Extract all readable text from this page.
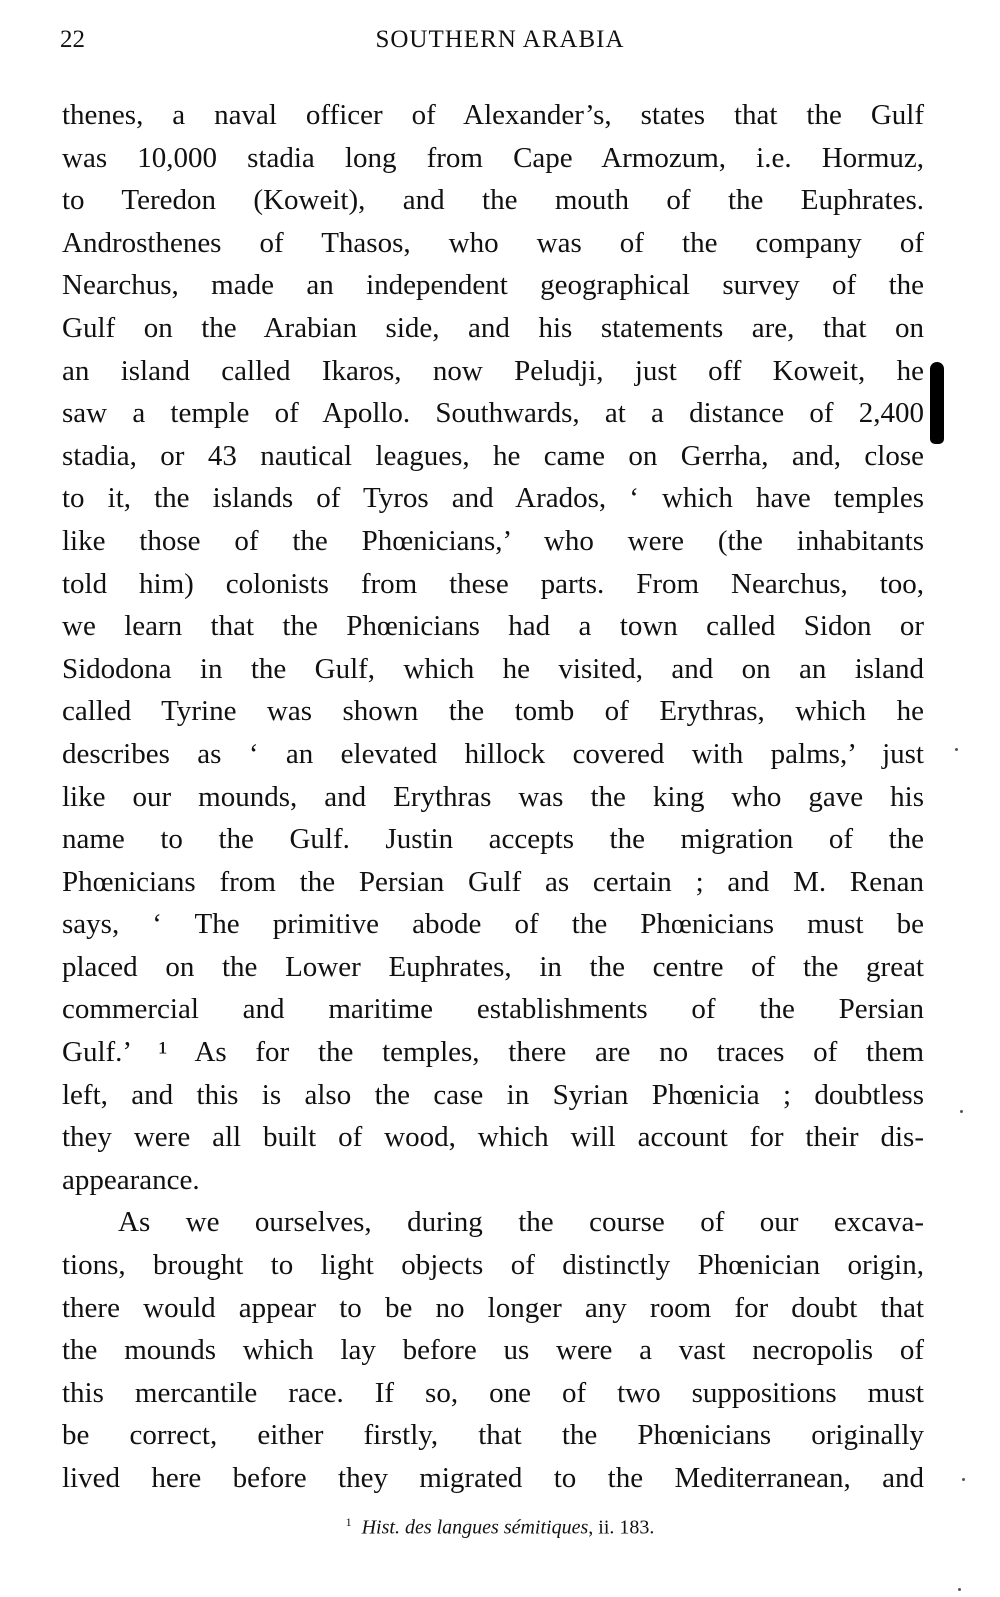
22	SOUTHERN ARABIA
thenes, a naval officer of Alexander’s, states that the Gulf
was 10,000 stadia long from Cape Armozum, i.e. Hormuz,
to Teredon (Koweit), and the mouth of the Euphrates.
Androsthenes of Thasos, who was of the company of
Nearchus, made an independent geographical survey of the
Gulf on the Arabian side, and his statements are, that on
an island called Ikaros, now Peludji, just off Koweit, he
saw a temple of Apollo. Southwards, at a distance of 2,400
stadia, or 43 nautical leagues, he came on Gerrha, and, close
to it, the islands of Tyros and Arados, ‘ which have temples
like those of the Phœnicians,’ who were (the inhabitants
told him) colonists from these parts. From Nearchus, too,
we learn that the Phœnicians had a town called Sidon or
Sidodona in the Gulf, which he visited, and on an island
called Tyrine was shown the tomb of Erythras, which he
describes as ‘ an elevated hillock covered with palms,’ just
like our mounds, and Erythras was the king who gave his
name to the Gulf. Justin accepts the migration of the
Phœnicians from the Persian Gulf as certain ; and M. Renan
says, ‘ The primitive abode of the Phœnicians must be
placed on the Lower Euphrates, in the centre of the great
commercial and maritime establishments of the Persian
Gulf.’ ¹ As for the temples, there are no traces of them
left, and this is also the case in Syrian Phœnicia ; doubtless
they were all built of wood, which will account for their dis-
appearance.
As we ourselves, during the course of our excava-
tions, brought to light objects of distinctly Phœnician origin,
there would appear to be no longer any room for doubt that
the mounds which lay before us were a vast necropolis of
this mercantile race. If so, one of two suppositions must
be correct, either firstly, that the Phœnicians originally
lived here before they migrated to the Mediterranean, and
$^1$ Hist. des langues sémitiques, ii. 183.
